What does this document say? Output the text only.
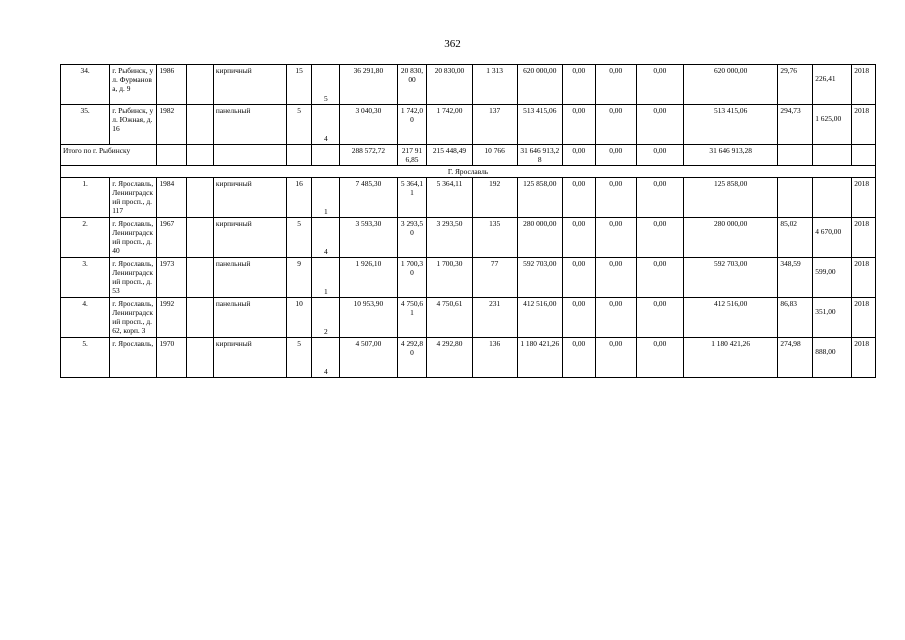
362
34.	г. Рыбинск, ул. Фурманова, д. 9	1986		кирпичный	15	5	36 291,80	20 830,00	20 830,00	1 313	620 000,00	0,00	0,00	0,00	620 000,00	29,76	226,41	2018
35.	г. Рыбинск, ул. Южная, д. 16	1982		панельный	5	4	3 040,30	1 742,00	1 742,00	137	513 415,06	0,00	0,00	0,00	513 415,06	294,73	1 625,00	2018
Итого по г. Рыбинску							288 572,72	217 916,85	215 448,49	10 766	31 646 913,28	0,00	0,00	0,00	31 646 913,28			
Г. Ярославль																		
1.	г. Ярославль, Ленинградский просп., д. 117	1984		кирпичный	16	1	7 485,30	5 364,11	5 364,11	192	125 858,00	0,00	0,00	0,00	125 858,00			2018
2.	г. Ярославль, Ленинградский просп., д. 40	1967		кирпичный	5	4	3 593,30	3 293,50	3 293,50	135	280 000,00	0,00	0,00	0,00	280 000,00	85,02	4 670,00	2018
3.	г. Ярославль, Ленинградский просп., д. 53	1973		панельный	9	1	1 926,10	1 700,30	1 700,30	77	592 703,00	0,00	0,00	0,00	592 703,00	348,59	599,00	2018
4.	г. Ярославль, Ленинградский просп., д. 62, корп. 3	1992		панельный	10	2	10 953,90	4 750,61	4 750,61	231	412 516,00	0,00	0,00	0,00	412 516,00	86,83	351,00	2018
5.	г. Ярославль,	1970		кирпичный	5	4	4 507,00	4 292,80	4 292,80	136	1 180 421,26	0,00	0,00	0,00	1 180 421,26	274,98	888,00	2018
